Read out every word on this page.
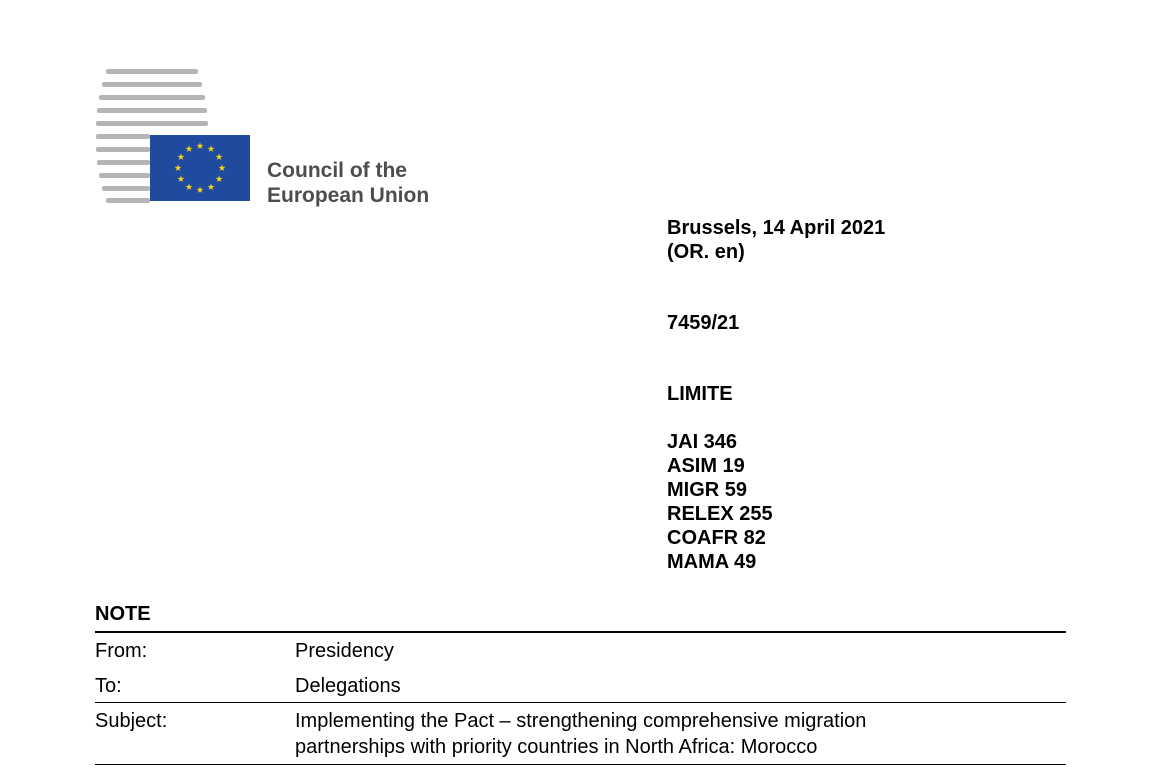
Council of the
European Union
Brussels, 14 April 2021
(OR. en)
7459/21
LIMITE
JAI 346
ASIM 19
MIGR 59
RELEX 255
COAFR 82
MAMA 49
NOTE
From:	Presidency
To:	Delegations
Subject:	Implementing the Pact – strengthening comprehensive migration
partnerships with priority countries in North Africa: Morocco
